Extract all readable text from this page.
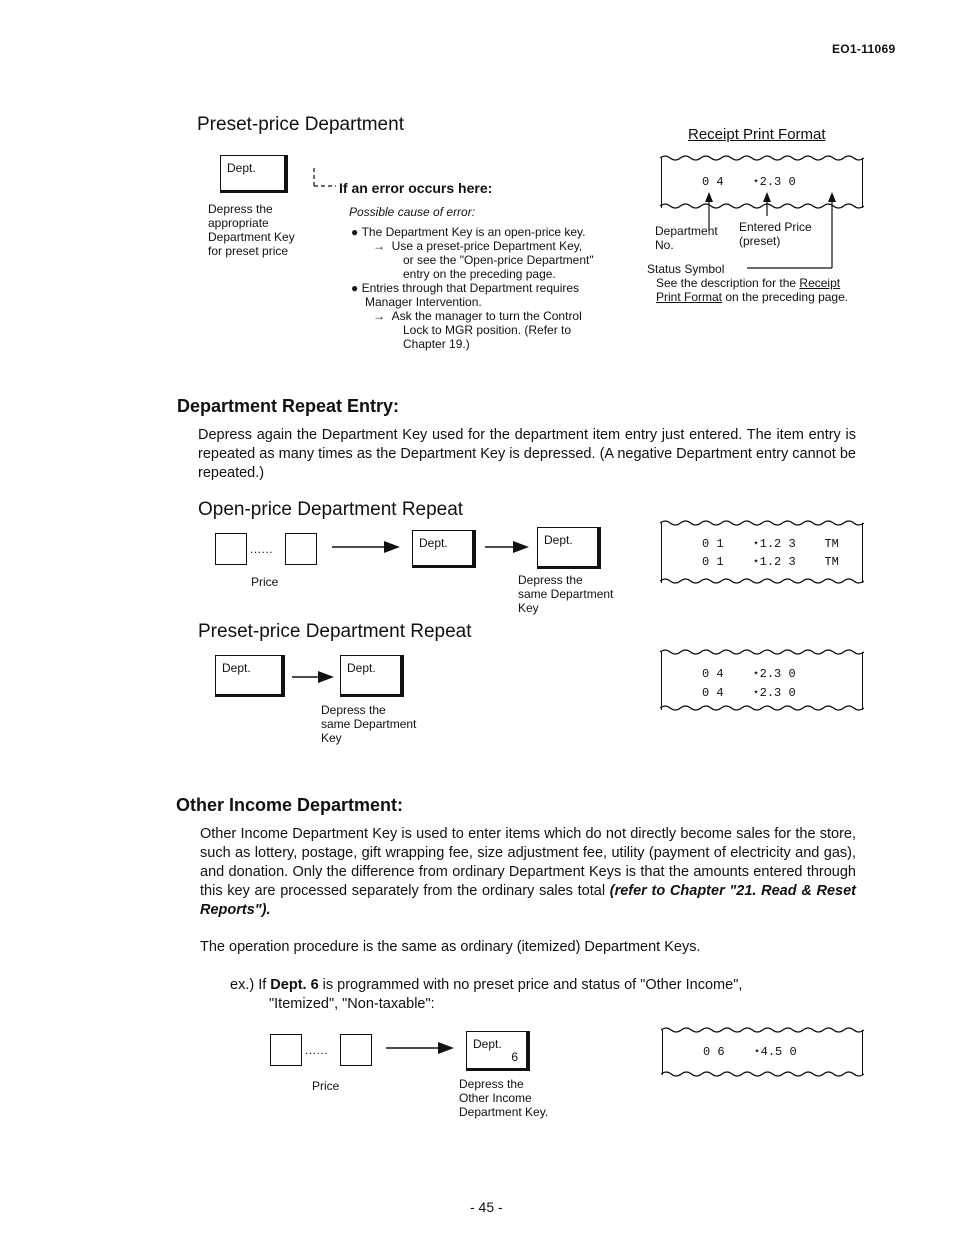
EO1-11069
Preset-price Department
Dept.
Depress the
appropriate
Department Key
for preset price
If an error occurs here:
Possible cause of error:
● The Department Key is an open-price key.
→  Use a preset-price Department Key,
or see the "Open-price Department"
entry on the preceding page.
● Entries through that Department requires
Manager Intervention.
→  Ask the manager to turn the Control
Lock to MGR position. (Refer to
Chapter 19.)
Receipt Print Format
0 4    ⋆2.3 0
Department
No.
Entered Price
(preset)
Status Symbol
See the description for the Receipt
Print Format on the preceding page.
Department Repeat Entry:
Depress again the Department Key used for the department item entry just entered. The item entry is repeated as many times as the Department Key is depressed. (A negative Department entry cannot be repeated.)
Open-price Department Repeat
......
Price
Dept.	Dept.
Depress the
same Department
Key
0 1    ⋆1.2 3    TM
0 1    ⋆1.2 3    TM
Preset-price Department Repeat
Dept.	Dept.
Depress the
same Department
Key
0 4    ⋆2.3 0
0 4    ⋆2.3 0
Other Income Department:
Other Income Department Key is used to enter items which do not directly become sales for the store, such as lottery, postage, gift wrapping fee, size adjustment fee, utility (payment of electricity and gas), and donation. Only the difference from ordinary Department Keys is that the amounts entered through this key are processed separately from the ordinary sales total (refer to Chapter "21. Read & Reset Reports").
The operation procedure is the same as ordinary (itemized) Department Keys.
ex.) If Dept. 6 is programmed with no preset price and status of "Other Income",
"Itemized", "Non-taxable":
......
Price
Dept.
6
Depress the
Other Income
Department Key.
0 6    ⋆4.5 0
- 45 -
